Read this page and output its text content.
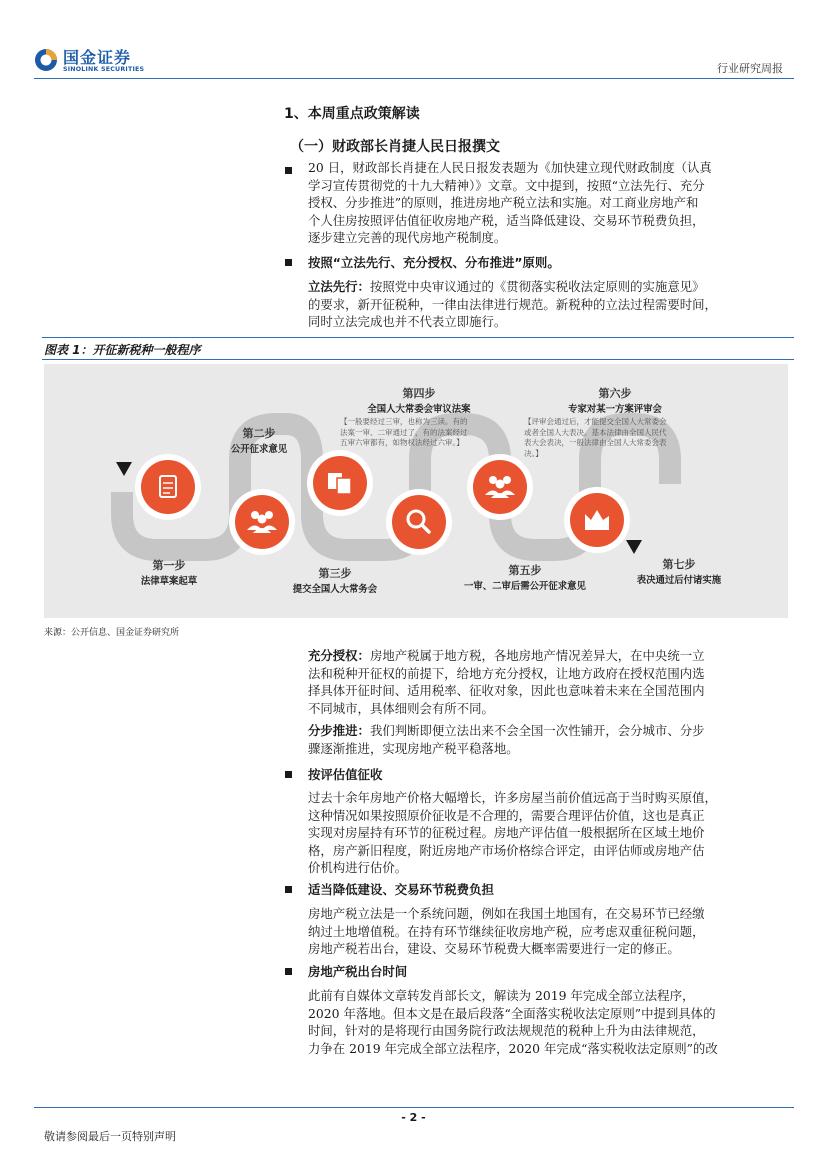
国金证券
SINOLINK SECURITIES	行业研究周报
1、本周重点政策解读
（一）财政部长肖捷人民日报撰文
20 日，财政部长肖捷在人民日报发表题为《加快建立现代财政制度（认真
学习宣传贯彻党的十九大精神）》文章。文中提到，按照“立法先行、充分
授权、分步推进”的原则，推进房地产税立法和实施。对工商业房地产和
个人住房按照评估值征收房地产税，适当降低建设、交易环节税费负担，
逐步建立完善的现代房地产税制度。
按照“立法先行、充分授权、分布推进”原则。
立法先行：按照党中央审议通过的《贯彻落实税收法定原则的实施意见》
的要求，新开征税种，一律由法律进行规范。新税种的立法过程需要时间，
同时立法完成也并不代表立即施行。
图表 1：开征新税种一般程序
第一步
法律草案起草
第二步
公开征求意见
第三步
提交全国人大常务会
第四步
全国人大常委会审议法案
【一般要经过三审，也称为三读。有的
法案一审、二审通过了，有的法案经过
五审六审都有，如物权法经过六审。】
第五步
一审、二审后需公开征求意见
第六步
专家对某一方案评审会
【评审会通过后，才能提交全国人大常委会
或者全国人大表决。基本法律由全国人民代
表大会表决，一般法律由全国人大常委会表
决。】
第七步
表决通过后付诸实施
来源：公开信息、国金证券研究所
充分授权：房地产税属于地方税，各地房地产情况差异大，在中央统一立
法和税种开征权的前提下，给地方充分授权，让地方政府在授权范围内选
择具体开征时间、适用税率、征收对象，因此也意味着未来在全国范围内
不同城市，具体细则会有所不同。
分步推进：我们判断即便立法出来不会全国一次性铺开，会分城市、分步
骤逐渐推进，实现房地产税平稳落地。
按评估值征收
过去十余年房地产价格大幅增长，许多房屋当前价值远高于当时购买原值，
这种情况如果按照原价征收是不合理的，需要合理评估价值，这也是真正
实现对房屋持有环节的征税过程。房地产评估值一般根据所在区域土地价
格，房产新旧程度，附近房地产市场价格综合评定，由评估师或房地产估
价机构进行估价。
适当降低建设、交易环节税费负担
房地产税立法是一个系统问题，例如在我国土地国有，在交易环节已经缴
纳过土地增值税。在持有环节继续征收房地产税，应考虑双重征税问题，
房地产税若出台，建设、交易环节税费大概率需要进行一定的修正。
房地产税出台时间
此前有自媒体文章转发肖部长文，解读为 2019 年完成全部立法程序，
2020 年落地。但本文是在最后段落“全面落实税收法定原则”中提到具体的
时间，针对的是将现行由国务院行政法规规范的税种上升为由法律规范，
力争在 2019 年完成全部立法程序，2020 年完成“落实税收法定原则”的改
- 2 -
敬请参阅最后一页特别声明
